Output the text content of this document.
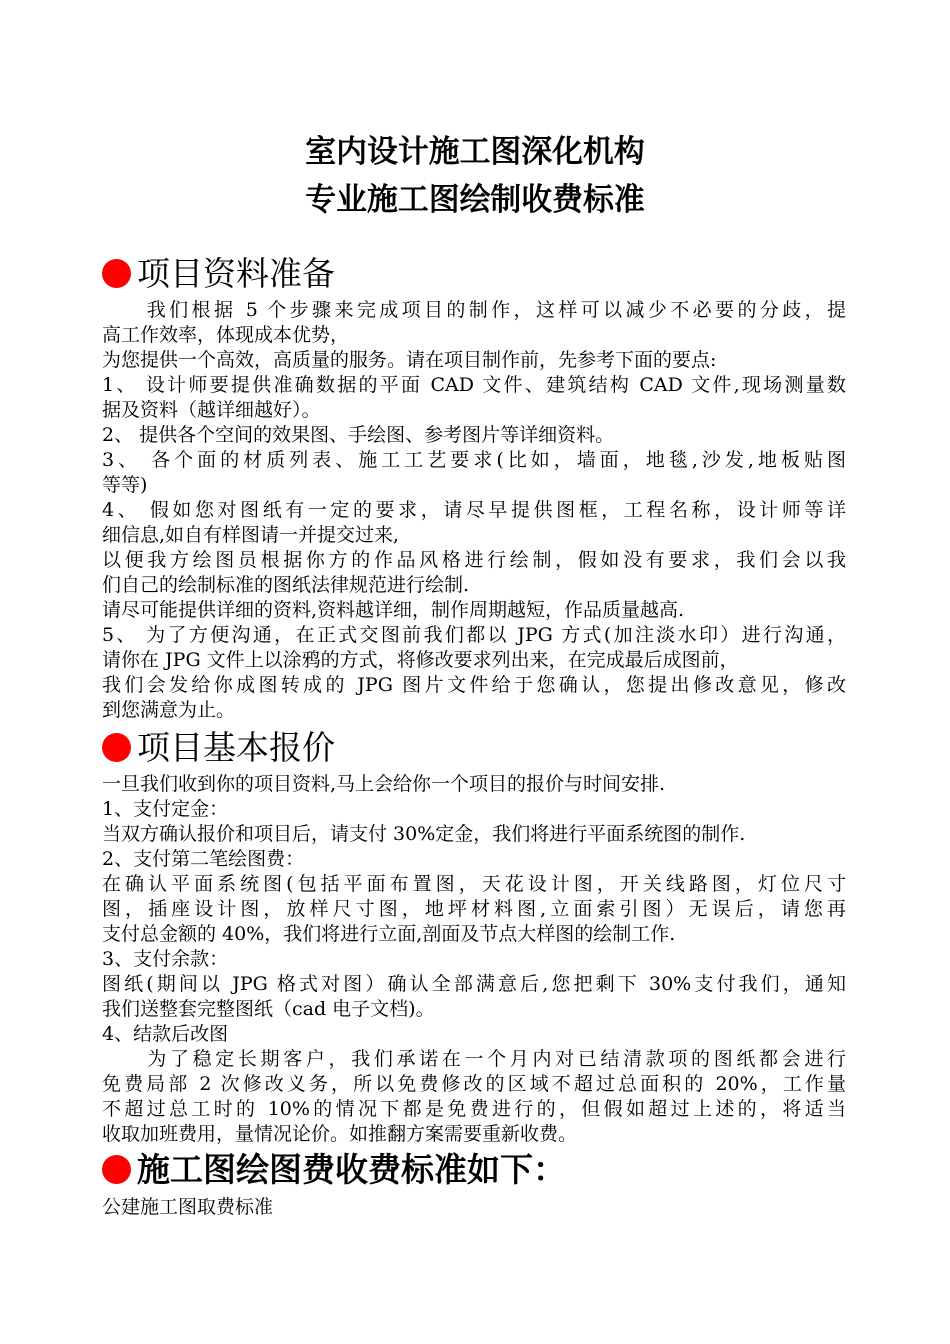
室内设计施工图深化机构
专业施工图绘制收费标准
项目资料准备
　　我们根据 5 个步骤来完成项目的制作，这样可以减少不必要的分歧，提
高工作效率，体现成本优势，
为您提供一个高效，高质量的服务。请在项目制作前，先参考下面的要点:
1、 设计师要提供准确数据的平面 CAD 文件、建筑结构 CAD 文件,现场测量数
据及资料（越详细越好）。
2、 提供各个空间的效果图、手绘图、参考图片等详细资料。
3、 各个面的材质列表、施工工艺要求(比如，墙面，地毯,沙发,地板贴图
等等)
4、 假如您对图纸有一定的要求，请尽早提供图框，工程名称，设计师等详
细信息,如自有样图请一并提交过来,
以便我方绘图员根据你方的作品风格进行绘制，假如没有要求，我们会以我
们自己的绘制标准的图纸法律规范进行绘制.
请尽可能提供详细的资料,资料越详细，制作周期越短，作品质量越高.
5、 为了方便沟通，在正式交图前我们都以 JPG 方式(加注淡水印）进行沟通，
请你在 JPG 文件上以涂鸦的方式，将修改要求列出来，在完成最后成图前，
我们会发给你成图转成的 JPG 图片文件给于您确认，您提出修改意见，修改
到您满意为止。
项目基本报价
一旦我们收到你的项目资料,马上会给你一个项目的报价与时间安排.
1、支付定金：
当双方确认报价和项目后，请支付 30%定金，我们将进行平面系统图的制作.
2、支付第二笔绘图费：
在确认平面系统图(包括平面布置图，天花设计图，开关线路图，灯位尺寸
图，插座设计图，放样尺寸图，地坪材料图,立面索引图）无误后，请您再
支付总金额的 40%，我们将进行立面,剖面及节点大样图的绘制工作.
3、支付余款：
图纸(期间以 JPG 格式对图）确认全部满意后,您把剩下 30%支付我们，通知
我们送整套完整图纸（cad 电子文档)。
4、结款后改图
　　为了稳定长期客户，我们承诺在一个月内对已结清款项的图纸都会进行
免费局部 2 次修改义务，所以免费修改的区域不超过总面积的 20%，工作量
不超过总工时的 10%的情况下都是免费进行的，但假如超过上述的，将适当
收取加班费用，量情况论价。如推翻方案需要重新收费。
施工图绘图费收费标准如下：
公建施工图取费标准
